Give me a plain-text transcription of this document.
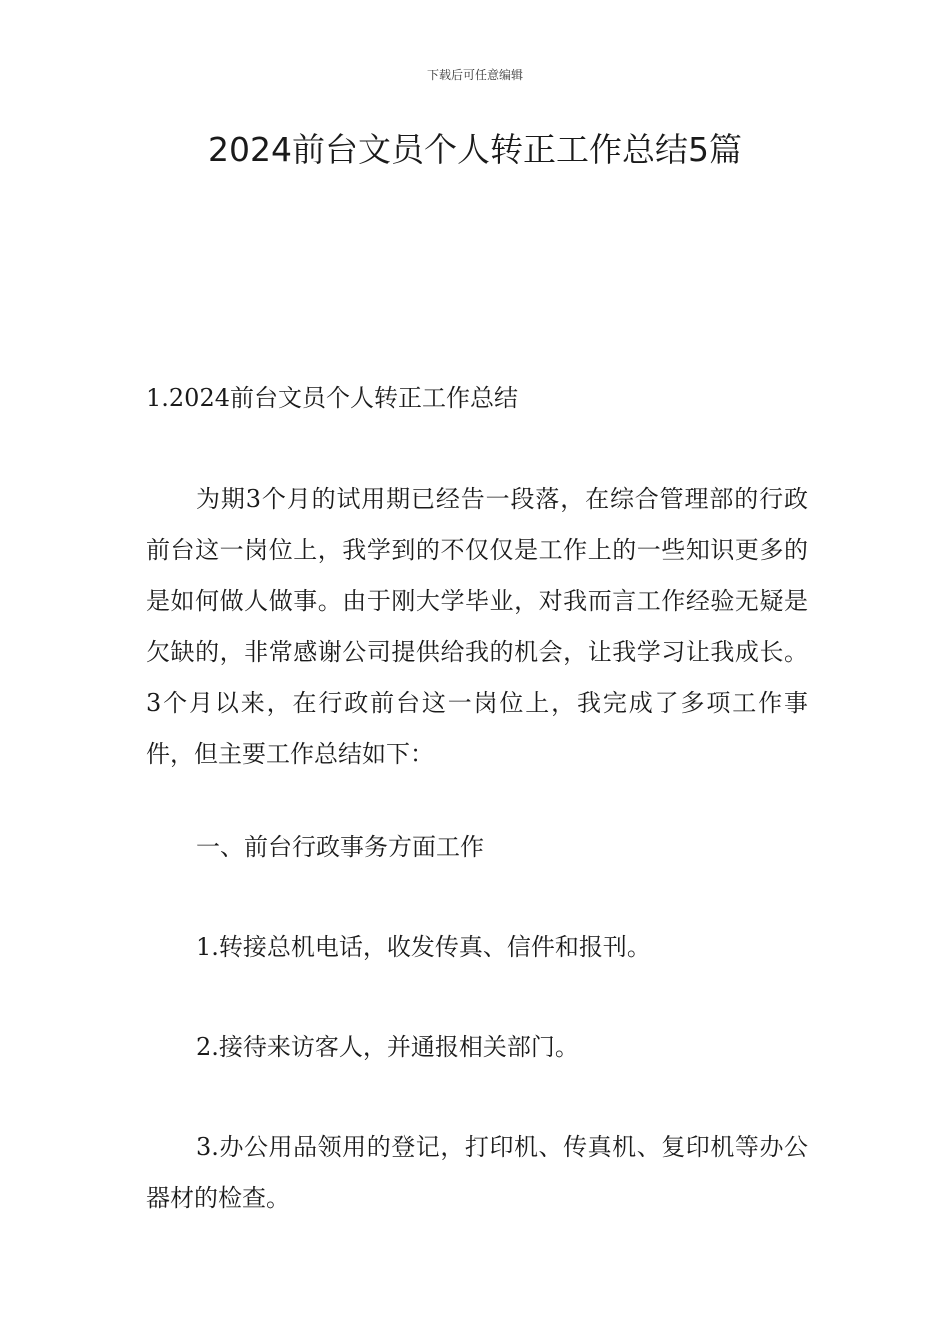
下载后可任意编辑
2024前台文员个人转正工作总结5篇
1.2024前台文员个人转正工作总结

为期3个月的试用期已经告一段落，在综合管理部的行政前台这一岗位上，我学到的不仅仅是工作上的一些知识更多的是如何做人做事。由于刚大学毕业，对我而言工作经验无疑是欠缺的，非常感谢公司提供给我的机会，让我学习让我成长。3个月以来，在行政前台这一岗位上，我完成了多项工作事件，但主要工作总结如下：

一、前台行政事务方面工作

1.转接总机电话，收发传真、信件和报刊。

2.接待来访客人，并通报相关部门。

3.办公用品领用的登记，打印机、传真机、复印机等办公器材的检查。
